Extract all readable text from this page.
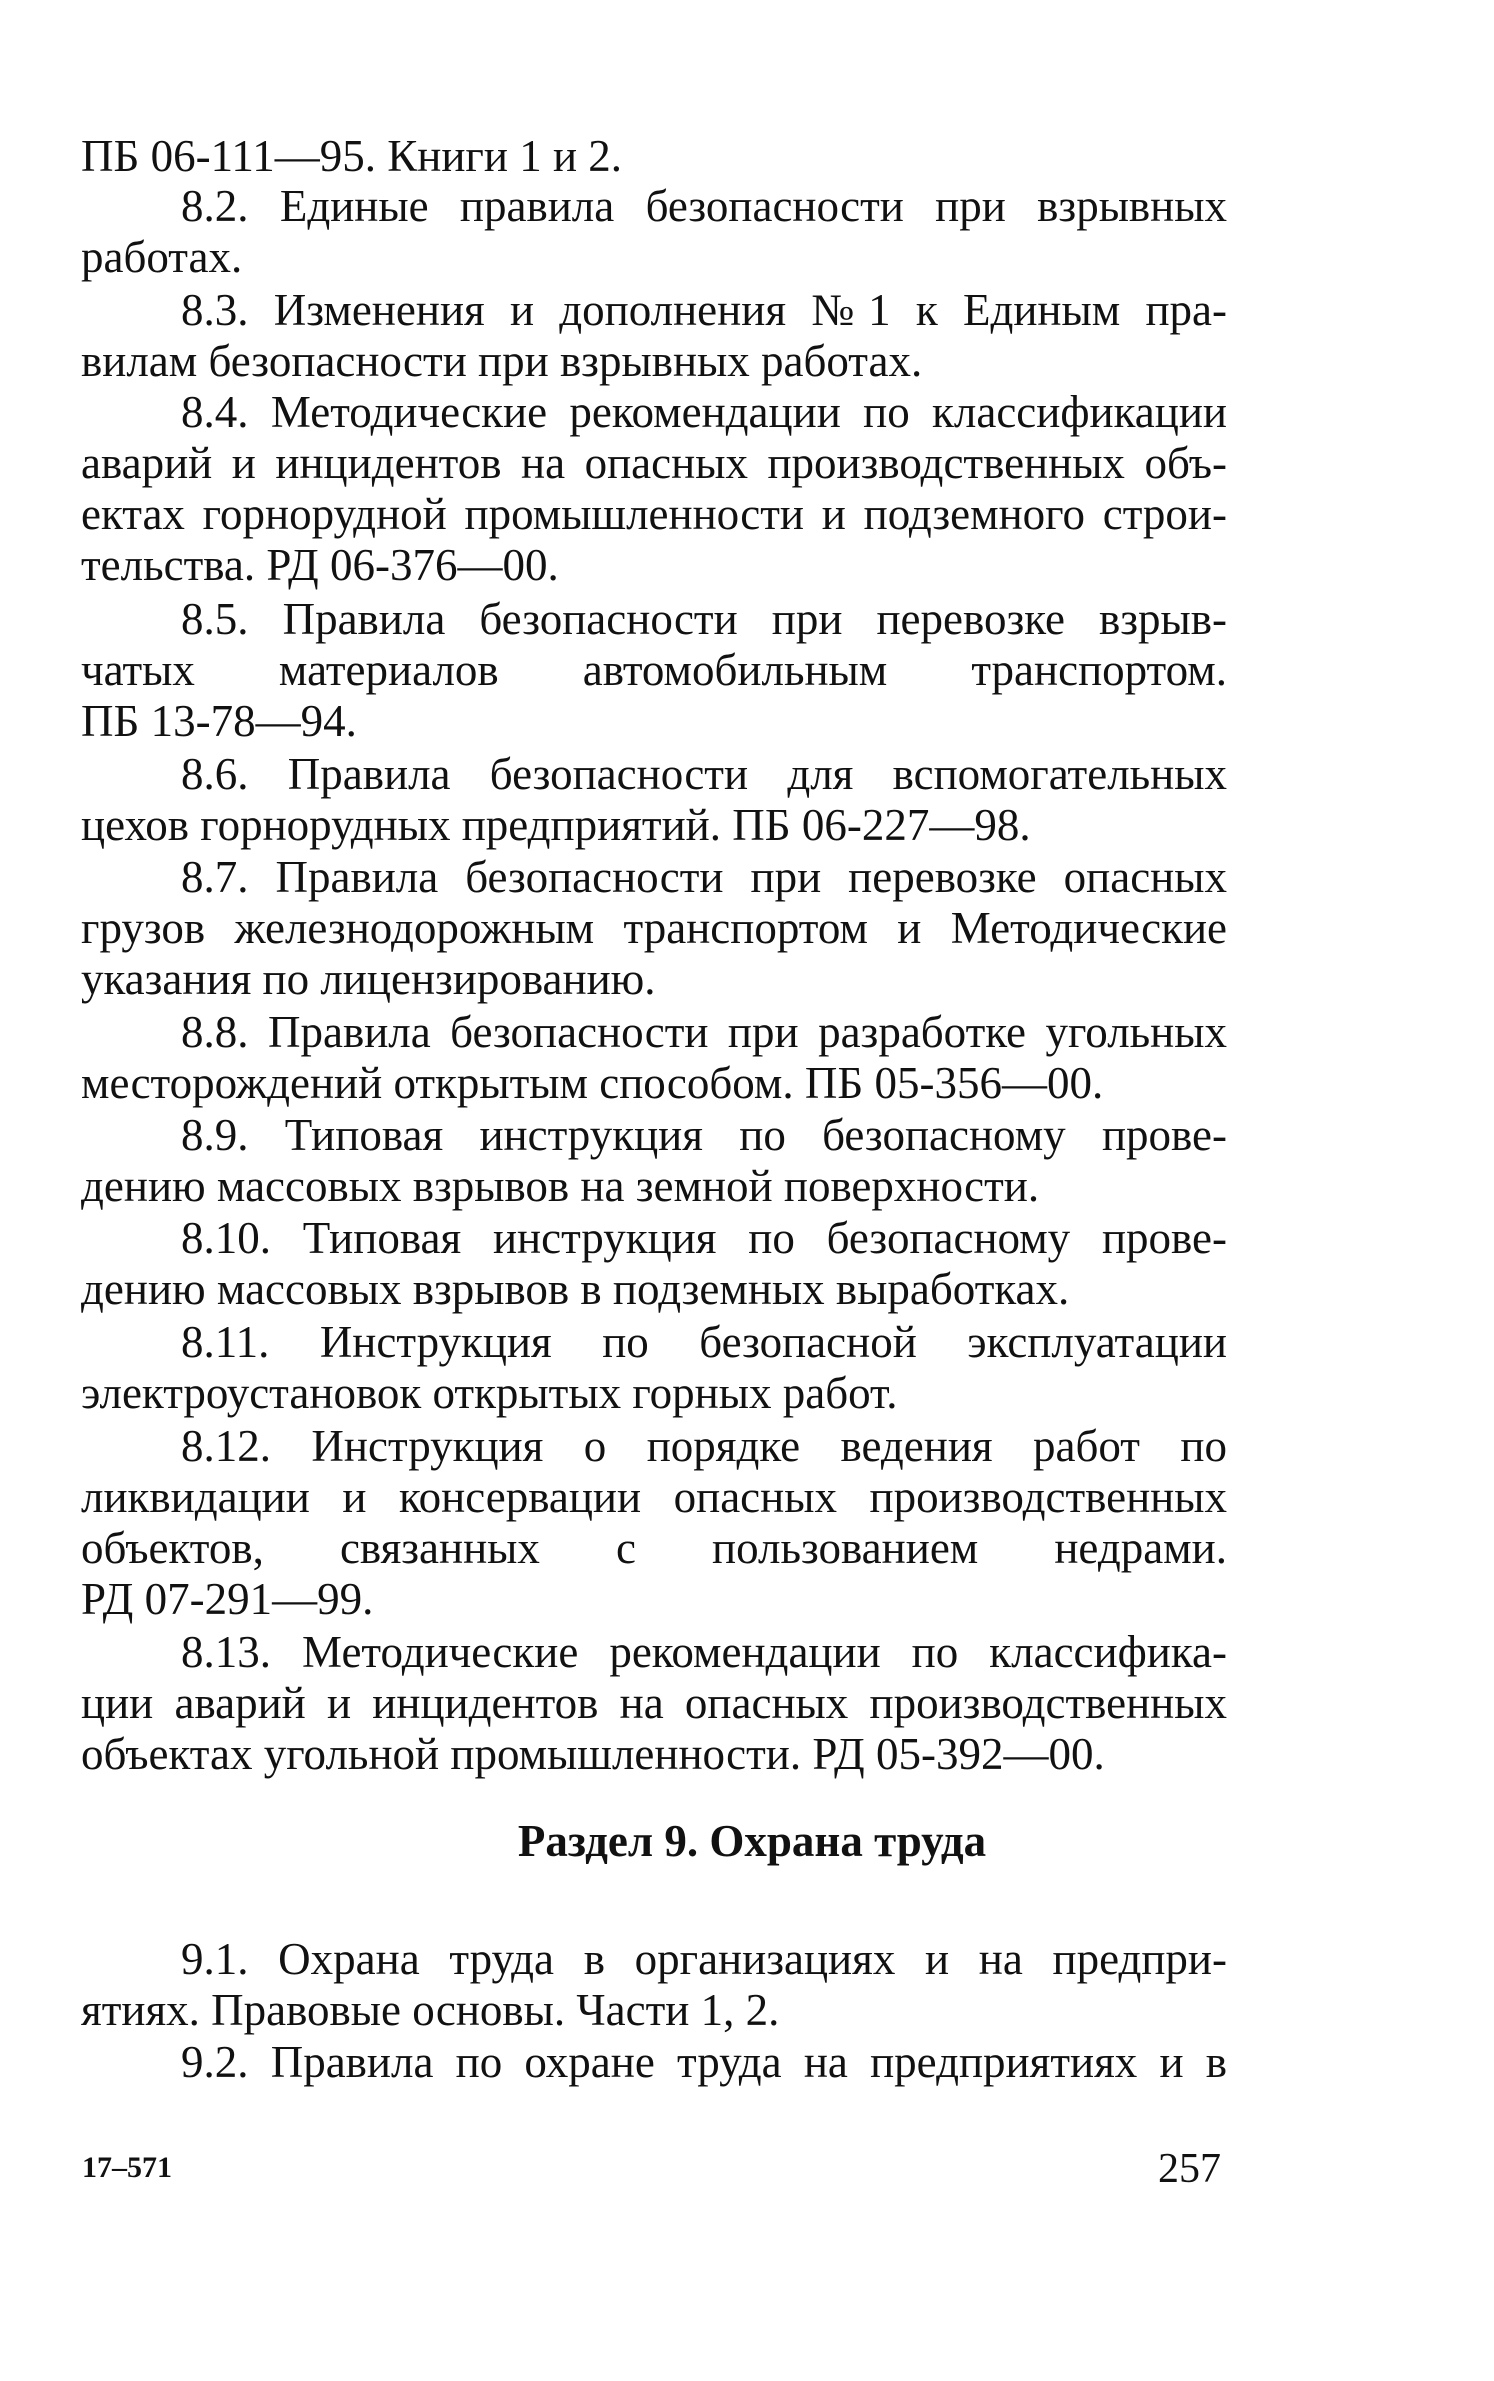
ПБ 06-111—95. Книги 1 и 2.
8.2. Единые правила безопасности при взрывных
работах.
8.3. Изменения и дополнения №1 к Единым пра-
вилам безопасности при взрывных работах.
8.4. Методические рекомендации по классификации
аварий и инцидентов на опасных производственных объ-
ектах горнорудной промышленности и подземного строи-
тельства. РД 06-376—00.
8.5. Правила безопасности при перевозке взрыв-
чатых материалов автомобильным транспортом.
ПБ 13-78—94.
8.6. Правила безопасности для вспомогательных
цехов горнорудных предприятий. ПБ 06-227—98.
8.7. Правила безопасности при перевозке опасных
грузов железнодорожным транспортом и Методические
указания по лицензированию.
8.8. Правила безопасности при разработке угольных
месторождений открытым способом. ПБ 05-356—00.
8.9. Типовая инструкция по безопасному прове-
дению массовых взрывов на земной поверхности.
8.10. Типовая инструкция по безопасному прове-
дению массовых взрывов в подземных выработках.
8.11. Инструкция по безопасной эксплуатации
электроустановок открытых горных работ.
8.12. Инструкция о порядке ведения работ по
ликвидации и консервации опасных производственных
объектов, связанных с пользованием недрами.
РД 07-291—99.
8.13. Методические рекомендации по классифика-
ции аварий и инцидентов на опасных производственных
объектах угольной промышленности. РД 05-392—00.
Раздел 9. Охрана труда
9.1. Охрана труда в организациях и на предпри-
ятиях. Правовые основы. Части 1, 2.
9.2. Правила по охране труда на предприятиях и в
17–571	257
